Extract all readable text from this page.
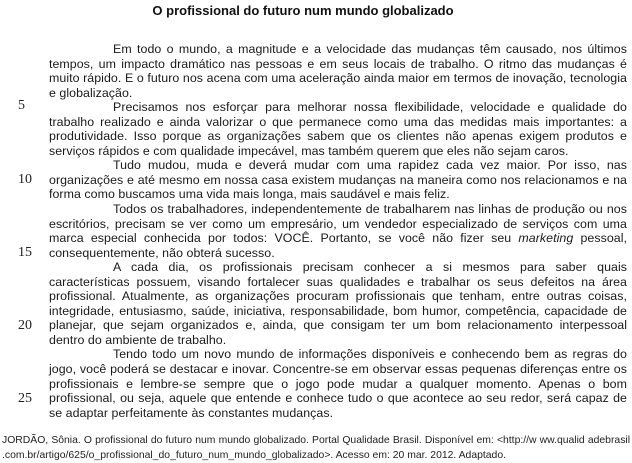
O profissional do futuro num mundo globalizado
5
10
15
20
25

Em todo o mundo, a magnitude e a velocidade das mudanças têm causado, nos últimos tempos, um impacto dramático nas pessoas e em seus locais de trabalho. O ritmo das mudanças é muito rápido. E o futuro nos acena com uma aceleração ainda maior em termos de inovação, tecnologia e globalização.

Precisamos nos esforçar para melhorar nossa flexibilidade, velocidade e qualidade do trabalho realizado e ainda valorizar o que permanece como uma das medidas mais importantes: a produtividade. Isso porque as organizações sabem que os clientes não apenas exigem produtos e serviços rápidos e com qualidade impecável, mas também querem que eles não sejam caros.

Tudo mudou, muda e deverá mudar com uma rapidez cada vez maior. Por isso, nas organizações e até mesmo em nossa casa existem mudanças na maneira como nos relacionamos e na forma como buscamos uma vida mais longa, mais saudável e mais feliz.

Todos os trabalhadores, independentemente de trabalharem nas linhas de produção ou nos escritórios, precisam se ver como um empresário, um vendedor especializado de serviços com uma marca especial conhecida por todos: VOCÊ. Portanto, se você não fizer seu marketing pessoal, consequentemente, não obterá sucesso.

A cada dia, os profissionais precisam conhecer a si mesmos para saber quais características possuem, visando fortalecer suas qualidades e trabalhar os seus defeitos na área profissional. Atualmente, as organizações procuram profissionais que tenham, entre outras coisas, integridade, entusiasmo, saúde, iniciativa, responsabilidade, bom humor, competência, capacidade de planejar, que sejam organizados e, ainda, que consigam ter um bom relacionamento interpessoal dentro do ambiente de trabalho.

Tendo todo um novo mundo de informações disponíveis e conhecendo bem as regras do jogo, você poderá se destacar e inovar. Concentre-se em observar essas pequenas diferenças entre os profissionais e lembre-se sempre que o jogo pode mudar a qualquer momento. Apenas o bom profissional, ou seja, aquele que entende e conhece tudo o que acontece ao seu redor, será capaz de se adaptar perfeitamente às constantes mudanças.

JORDÃO, Sônia. O profissional do futuro num mundo globalizado. Portal Qualidade Brasil. Disponível em: <http://w ww.qualid adebrasil .com.br/artigo/625/o_profissional_do_futuro_num_mundo_globalizado>. Acesso em: 20 mar. 2012. Adaptado.
